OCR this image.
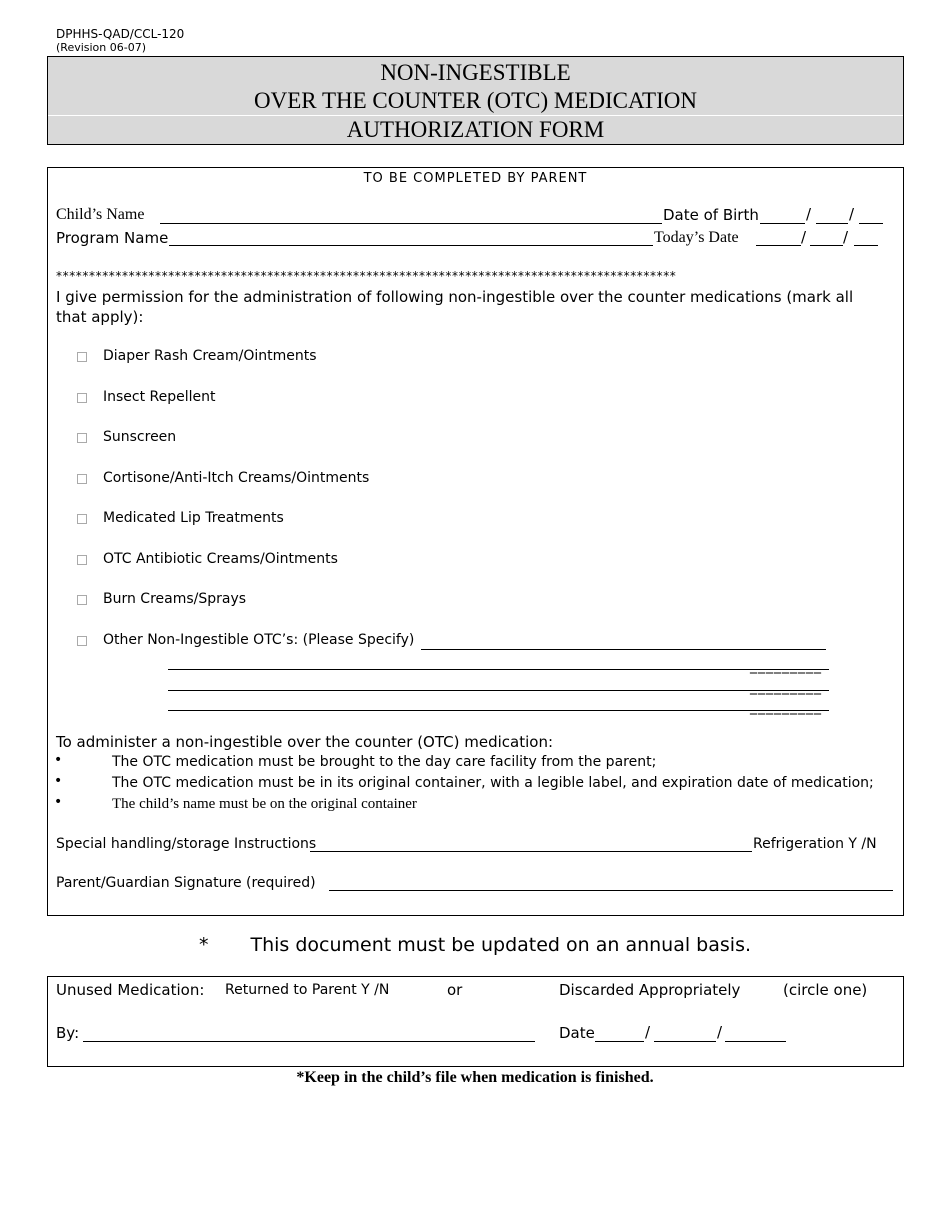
DPHHS-QAD/CCL-120
(Revision 06-07)
NON-INGESTIBLE
OVER THE COUNTER (OTC) MEDICATION
AUTHORIZATION FORM
TO BE COMPLETED BY PARENT
Child’s Name	Date of Birth	/	/
Program Name	Today’s Date	/ /
**********************************************************************************************
I give permission for the administration of following non-ingestible over the counter medications (mark all that apply):
Diaper Rash Cream/Ointments
Insect Repellent
Sunscreen
Cortisone/Anti-Itch Creams/Ointments
Medicated Lip Treatments
OTC Antibiotic Creams/Ointments
Burn Creams/Sprays
Other Non-Ingestible OTC’s: (Please Specify)
_________
_________
_________
To administer a non-ingestible over the counter (OTC) medication:
•	The OTC medication must be brought to the day care facility from the parent;
•	The OTC medication must be in its original container, with a legible label, and expiration date of medication;
•	The child’s name must be on the original container
Special handling/storage Instructions	Refrigeration Y /N
Parent/Guardian Signature (required)
* This document must be updated on an annual basis.
Unused Medication: Returned to Parent Y /N	or	Discarded Appropriately	(circle one)
By:	Date	/	/
*Keep in the child’s file when medication is finished.
